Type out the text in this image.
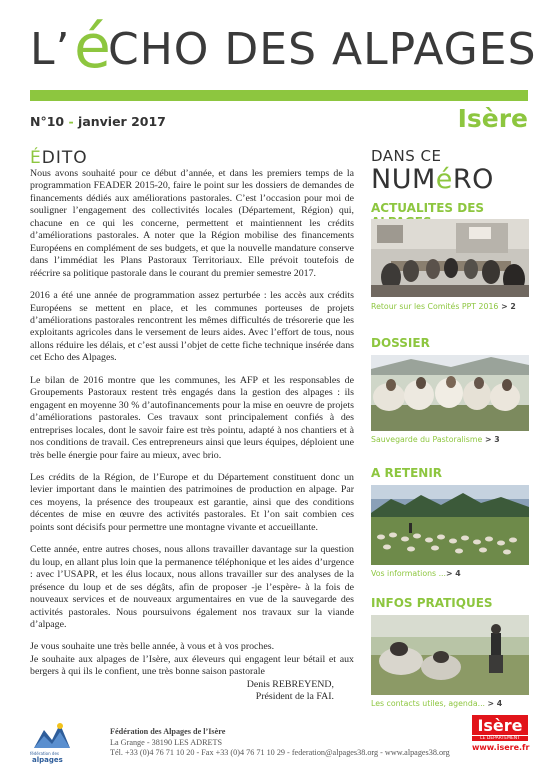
L’ é
CHO DES ALPAGES
N°10 - janvier 2017	Isère
ÉDITO

Nous avons souhaité pour ce début d’année, et dans les premiers temps de la programmation FEADER 2015-20, faire le point sur les dossiers de demandes de financements dédiés aux améliorations pastorales. C’est l’occasion pour moi de souligner l’engagement des collectivités locales (Département, Région) qui, chacune en ce qui les concerne, permettent et maintiennent les crédits d’améliorations pastorales. A noter que la Région mobilise des financements Européens en complément de ses budgets, et que la nouvelle mandature conserve dans l’immédiat les Plans Pastoraux Territoriaux. Elle prévoit toutefois de réécrire sa politique pastorale dans le courant du premier semestre 2017.

2016 a été une année de programmation assez perturbée : les accès aux crédits Européens se mettent en place, et les communes porteuses de projets d’améliorations pastorales rencontrent les mêmes difficultés de trésorerie que les exploitants agricoles dans le versement de leurs aides. Avec l’effort de tous, nous allons réduire les délais, et c’est aussi l’objet de cette fiche technique insérée dans cet Echo des Alpages.

Le bilan de 2016 montre que les communes, les AFP et les responsables de Groupements Pastoraux restent très engagés dans la gestion des alpages : ils engagent en moyenne 30 % d’autofinancements pour la mise en oeuvre de projets d’améliorations pastorales. Ces travaux sont principalement confiés à des entreprises locales, dont le savoir faire est très pointu, adapté à nos chantiers et à nos conditions de travail. Ces entrepreneurs ainsi que leurs équipes, déploient une très belle énergie pour faire au mieux, avec brio.

Les crédits de la Région, de l’Europe et du Département constituent donc un levier important dans le maintien des patrimoines de production en alpage. Par ces moyens, la présence des troupeaux est garantie, ainsi que des conditions décentes de mise en œuvre des activités pastorales. Et l’on sait combien ces points sont décisifs pour permettre une montagne vivante et accueillante.

Cette année, entre autres choses, nous allons travailler davantage sur la question du loup, en allant plus loin que la permanence téléphonique et les aides d’urgence : avec l’USAPR, et les élus locaux, nous allons travailler sur des analyses de la présence du loup et de ses dégâts, afin de proposer -je l’espère- à la fois de nouveaux services et de nouveaux argumentaires en vue de la sauvegarde des activités pastorales. Nous poursuivons également nos travaux sur la viande d’alpage.

Je vous souhaite une très belle année, à vous et à vos proches.
Je souhaite aux alpages de l’Isère, aux éleveurs qui engagent leur bétail et aux bergers à qui ils le confient, une très bonne saison pastorale
Denis REBREYEND,
Président de la FAI.
DANS CE
NUMéRO
ACTUALITES DES
Retour sur les Comités PPT 2016 > 2
DOSSIER
Sauvegarde du Pastoralisme > 3
A RETENIR
Vos informations ...> 4
INFOS PRATIQUES
Les contacts utiles, agenda... > 4
fédération des
alpages
Fédération des Alpages de l’Isère
La Grange - 38190 LES ADRETS
Tél. +33 (0)4 76 71 10 20 - Fax +33 (0)4 76 71 10 29 - federation@alpages38.org - www.alpages38.org
Isère
LE DÉPARTEMENT
www.isere.fr
